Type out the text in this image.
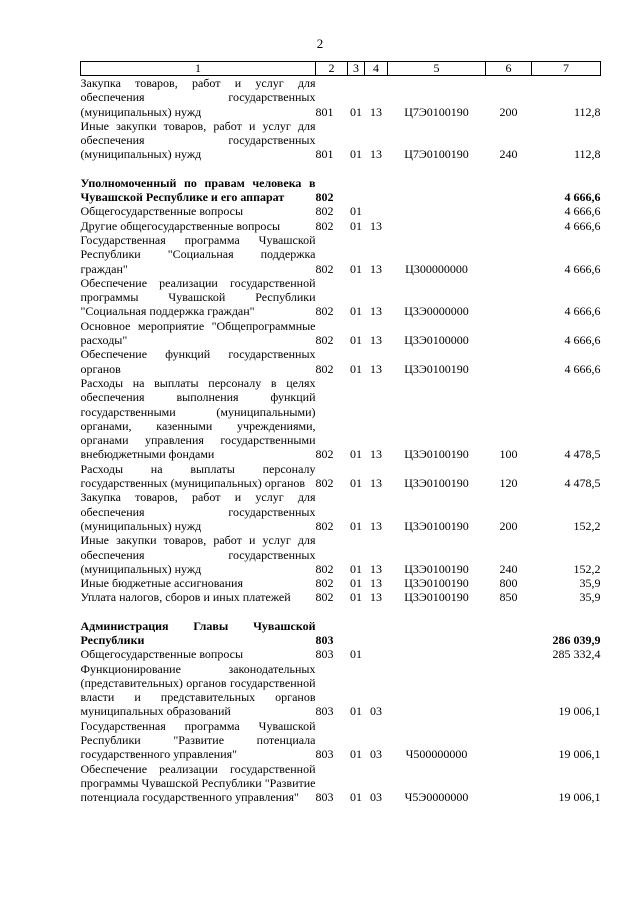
2
1	2	3	4	5	6	7
Закупка товаров, работ и услуг для обеспечения государственных (муниципальных) нужд	801	01	13	Ц7Э0100190	200	112,8
Иные закупки товаров, работ и услуг для обеспечения государственных (муниципальных) нужд	801	01	13	Ц7Э0100190	240	112,8

Уполномоченный по правам человека в Чувашской Республике и его аппарат	802					4 666,6
Общегосударственные вопросы	802	01				4 666,6
Другие общегосударственные вопросы	802	01	13			4 666,6
Государственная программа Чувашской Республики "Социальная поддержка граждан"	802	01	13	Ц300000000		4 666,6
Обеспечение реализации государственной программы Чувашской Республики "Социальная поддержка граждан"	802	01	13	Ц3Э0000000		4 666,6
Основное мероприятие "Общепрограммные расходы"	802	01	13	Ц3Э0100000		4 666,6
Обеспечение функций государственных органов	802	01	13	Ц3Э0100190		4 666,6
Расходы на выплаты персоналу в целях обеспечения выполнения функций государственными (муниципальными) органами, казенными учреждениями, органами управления государственными внебюджетными фондами	802	01	13	Ц3Э0100190	100	4 478,5
Расходы на выплаты персоналу государственных (муниципальных) органов	802	01	13	Ц3Э0100190	120	4 478,5
Закупка товаров, работ и услуг для обеспечения государственных (муниципальных) нужд	802	01	13	Ц3Э0100190	200	152,2
Иные закупки товаров, работ и услуг для обеспечения государственных (муниципальных) нужд	802	01	13	Ц3Э0100190	240	152,2
Иные бюджетные ассигнования	802	01	13	Ц3Э0100190	800	35,9
Уплата налогов, сборов и иных платежей	802	01	13	Ц3Э0100190	850	35,9

Администрация Главы Чувашской Республики	803					286 039,9
Общегосударственные вопросы	803	01				285 332,4
Функционирование законодательных (представительных) органов государственной власти и представительных органов муниципальных образований	803	01	03			19 006,1
Государственная программа Чувашской Республики "Развитие потенциала государственного управления"	803	01	03	Ч500000000		19 006,1
Обеспечение реализации государственной программы Чувашской Республики "Развитие потенциала государственного управления"	803	01	03	Ч5Э0000000		19 006,1
